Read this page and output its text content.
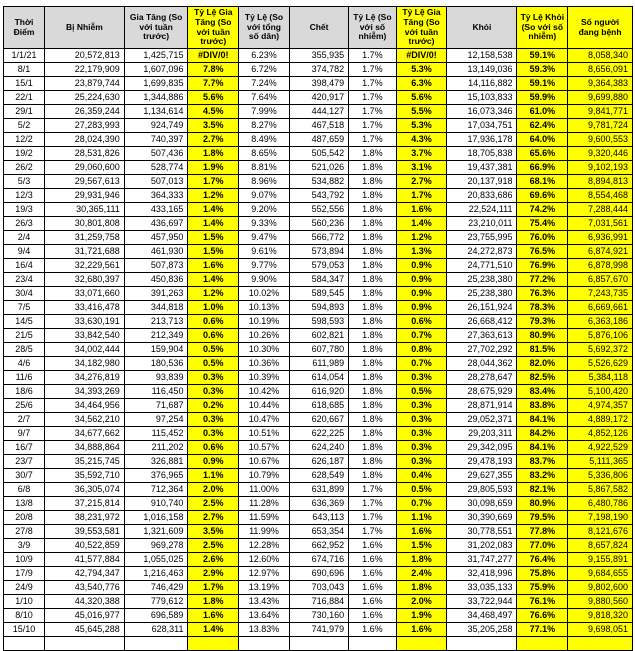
Thời Điểm	Bị Nhiễm	Gia Tăng (So với tuần trước)	Tỷ Lệ Gia Tăng (So với tuần trước)	Tỷ Lệ (So với tổng số dân)	Chết	Tỷ Lệ (So với số nhiễm)	Tỷ Lệ Gia Tăng (So với tuần trước)	Khỏi	Tỷ Lệ Khỏi (So với số nhiễm)	Số người đang bệnh
1/1/21	20,572,813	1,425,715	#DIV/0!	6.23%	355,935	1.7%	#DIV/0!	12,158,538	59.1%	8,058,340
8/1	22,179,909	1,607,096	7.8%	6.72%	374,782	1.7%	5.3%	13,149,036	59.3%	8,656,091
15/1	23,879,744	1,699,835	7.7%	7.24%	398,479	1.7%	6.3%	14,116,882	59.1%	9,364,383
22/1	25,224,630	1,344,886	5.6%	7.64%	420,917	1.7%	5.6%	15,103,833	59.9%	9,699,880
29/1	26,359,244	1,134,614	4.5%	7.99%	444,127	1.7%	5.5%	16,073,346	61.0%	9,841,771
5/2	27,283,993	924,749	3.5%	8.27%	467,518	1.7%	5.3%	17,034,751	62.4%	9,781,724
12/2	28,024,390	740,397	2.7%	8.49%	487,659	1.7%	4.3%	17,936,178	64.0%	9,600,553
19/2	28,531,826	507,436	1.8%	8.65%	505,542	1.8%	3.7%	18,705,838	65.6%	9,320,446
26/2	29,060,600	528,774	1.9%	8.81%	521,026	1.8%	3.1%	19,437,381	66.9%	9,102,193
5/3	29,567,613	507,013	1.7%	8.96%	534,882	1.8%	2.7%	20,137,918	68.1%	8,894,813
12/3	29,931,946	364,333	1.2%	9.07%	543,792	1.8%	1.7%	20,833,686	69.6%	8,554,468
19/3	30,365,111	433,165	1.4%	9.20%	552,556	1.8%	1.6%	22,524,111	74.2%	7,288,444
26/3	30,801,808	436,697	1.4%	9.33%	560,236	1.8%	1.4%	23,210,011	75.4%	7,031,561
2/4	31,259,758	457,950	1.5%	9.47%	566,772	1.8%	1.2%	23,755,995	76.0%	6,936,991
9/4	31,721,688	461,930	1.5%	9.61%	573,894	1.8%	1.3%	24,272,873	76.5%	6,874,921
16/4	32,229,561	507,873	1.6%	9.77%	579,053	1.8%	0.9%	24,771,510	76.9%	6,878,998
23/4	32,680,397	450,836	1.4%	9.90%	584,347	1.8%	0.9%	25,238,380	77.2%	6,857,670
30/4	33,071,660	391,263	1.2%	10.02%	589,545	1.8%	0.9%	25,238,380	76.3%	7,243,735
7/5	33,416,478	344,818	1.0%	10.13%	594,893	1.8%	0.9%	26,151,924	78.3%	6,669,661
14/5	33,630,191	213,713	0.6%	10.19%	598,593	1.8%	0.6%	26,668,412	79.3%	6,363,186
21/5	33,842,540	212,349	0.6%	10.26%	602,821	1.8%	0.7%	27,363,613	80.9%	5,876,106
28/5	34,002,444	159,904	0.5%	10.30%	607,780	1.8%	0.8%	27,702,292	81.5%	5,692,372
4/6	34,182,980	180,536	0.5%	10.36%	611,989	1.8%	0.7%	28,044,362	82.0%	5,526,629
11/6	34,276,819	93,839	0.3%	10.39%	614,054	1.8%	0.3%	28,278,647	82.5%	5,384,118
18/6	34,393,269	116,450	0.3%	10.42%	616,920	1.8%	0.5%	28,675,929	83.4%	5,100,420
25/6	34,464,956	71,687	0.2%	10.44%	618,685	1.8%	0.3%	28,871,914	83.8%	4,974,357
2/7	34,562,210	97,254	0.3%	10.47%	620,667	1.8%	0.3%	29,052,371	84.1%	4,889,172
9/7	34,677,662	115,452	0.3%	10.51%	622,225	1.8%	0.3%	29,203,311	84.2%	4,852,126
16/7	34,888,864	211,202	0.6%	10.57%	624,240	1.8%	0.3%	29,342,095	84.1%	4,922,529
23/7	35,215,745	326,881	0.9%	10.67%	626,187	1.8%	0.3%	29,478,193	83.7%	5,111,365
30/7	35,592,710	376,965	1.1%	10.79%	628,549	1.8%	0.4%	29,627,355	83.2%	5,336,806
6/8	36,305,074	712,364	2.0%	11.00%	631,899	1.7%	0.5%	29,805,593	82.1%	5,867,582
13/8	37,215,814	910,740	2.5%	11.28%	636,369	1.7%	0.7%	30,098,659	80.9%	6,480,786
20/8	38,231,972	1,016,158	2.7%	11.59%	643,113	1.7%	1.1%	30,390,669	79.5%	7,198,190
27/8	39,553,581	1,321,609	3.5%	11.99%	653,354	1.7%	1.6%	30,778,551	77.8%	8,121,676
3/9	40,522,859	969,278	2.5%	12.28%	662,952	1.6%	1.5%	31,202,083	77.0%	8,657,824
10/9	41,577,884	1,055,025	2.6%	12.60%	674,716	1.6%	1.8%	31,747,277	76.4%	9,155,891
17/9	42,794,347	1,216,463	2.9%	12.97%	690,696	1.6%	2.4%	32,418,996	75.8%	9,684,655
24/9	43,540,776	746,429	1.7%	13.19%	703,043	1.6%	1.8%	33,035,133	75.9%	9,802,600
1/10	44,320,388	779,612	1.8%	13.43%	716,884	1.6%	2.0%	33,722,944	76.1%	9,880,560
8/10	45,016,977	696,589	1.6%	13.64%	730,160	1.6%	1.9%	34,468,497	76.6%	9,818,320
15/10	45,645,288	628,311	1.4%	13.83%	741,979	1.6%	1.6%	35,205,258	77.1%	9,698,051
